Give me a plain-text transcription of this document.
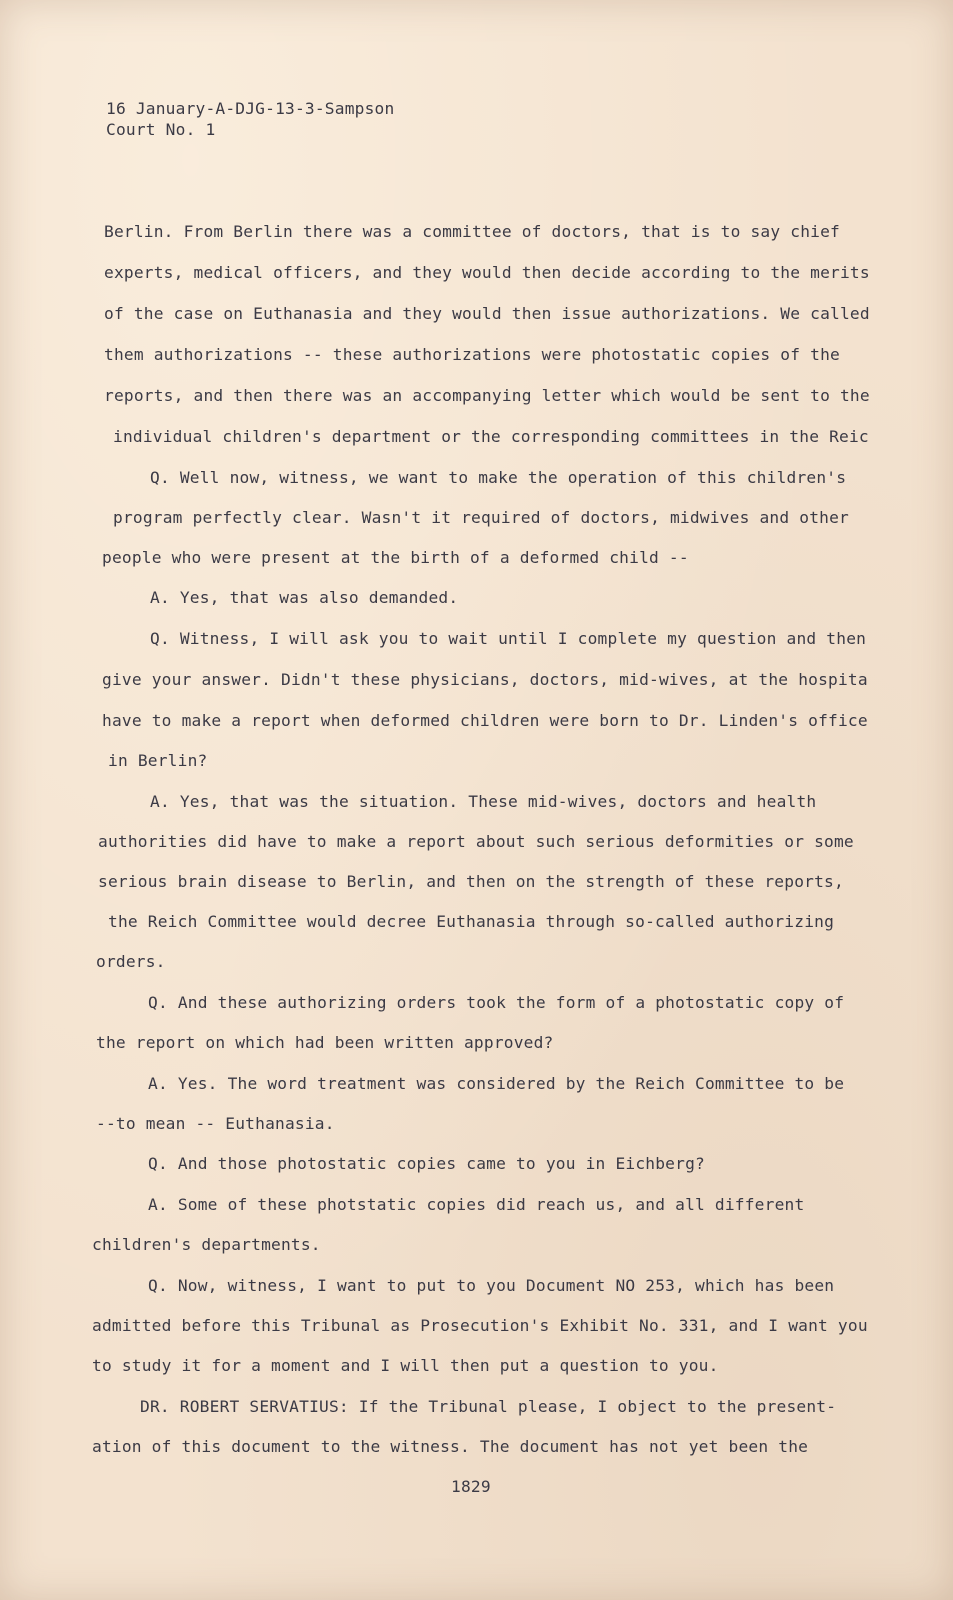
16 January-A-DJG-13-3-Sampson
Court No. 1
Berlin. From Berlin there was a committee of doctors, that is to say chief
experts, medical officers, and they would then decide according to the merits
of the case on Euthanasia and they would then issue authorizations. We called
them authorizations -- these authorizations were photostatic copies of the
reports, and then there was an accompanying letter which would be sent to the
individual children's department or the corresponding committees in the Reic
Q. Well now, witness, we want to make the operation of this children's
program perfectly clear. Wasn't it required of doctors, midwives and other
people who were present at the birth of a deformed child --
A. Yes, that was also demanded.
Q. Witness, I will ask you to wait until I complete my question and then
give your answer. Didn't these physicians, doctors, mid-wives, at the hospita
have to make a report when deformed children were born to Dr. Linden's office
in Berlin?
A. Yes, that was the situation. These mid-wives, doctors and health
authorities did have to make a report about such serious deformities or some
serious brain disease to Berlin, and then on the strength of these reports,
the Reich Committee would decree Euthanasia through so-called authorizing
orders.
Q. And these authorizing orders took the form of a photostatic copy of
the report on which had been written approved?
A. Yes. The word treatment was considered by the Reich Committee to be
--to mean -- Euthanasia.
Q. And those photostatic copies came to you in Eichberg?
A. Some of these photstatic copies did reach us, and all different
children's departments.
Q. Now, witness, I want to put to you Document NO 253, which has been
admitted before this Tribunal as Prosecution's Exhibit No. 331, and I want you
to study it for a moment and I will then put a question to you.
DR. ROBERT SERVATIUS: If the Tribunal please, I object to the present-
ation of this document to the witness. The document has not yet been the
1829
